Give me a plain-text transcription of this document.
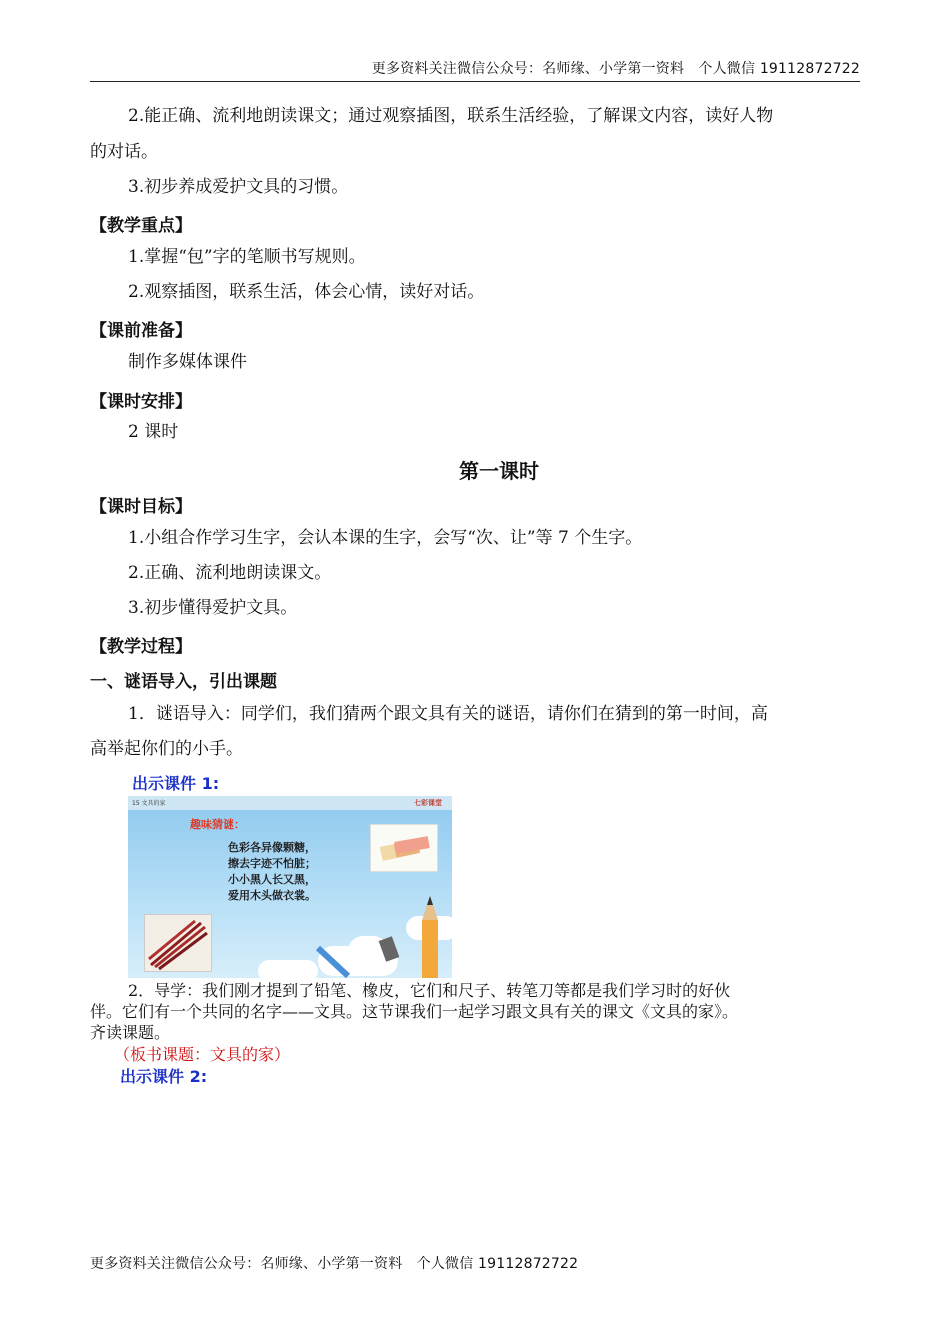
更多资料关注微信公众号：名师缘、小学第一资料　个人微信 19112872722
2.能正确、流利地朗读课文；通过观察插图，联系生活经验，了解课文内容，读好人物
的对话。
3.初步养成爱护文具的习惯。
【教学重点】
1.掌握“包”字的笔顺书写规则。
2.观察插图，联系生活，体会心情，读好对话。
【课前准备】
制作多媒体课件
【课时安排】
2 课时
第一课时
【课时目标】
1.小组合作学习生字，会认本课的生字，会写“次、让”等 7 个生字。
2.正确、流利地朗读课文。
3.初步懂得爱护文具。
【教学过程】
一、谜语导入，引出课题
1．谜语导入：同学们，我们猜两个跟文具有关的谜语，请你们在猜到的第一时间，高
高举起你们的小手。
出示课件 1:
15 文具的家	七彩课堂
趣味猜谜：
色彩各异像颗糖，
擦去字迹不怕脏；
小小黑人长又黑，
爱用木头做衣裳。
2．导学：我们刚才提到了铅笔、橡皮，它们和尺子、转笔刀等都是我们学习时的好伙
伴。它们有一个共同的名字——文具。这节课我们一起学习跟文具有关的课文《文具的家》。
齐读课题。
（板书课题：文具的家）
出示课件 2:
更多资料关注微信公众号：名师缘、小学第一资料　个人微信 19112872722
